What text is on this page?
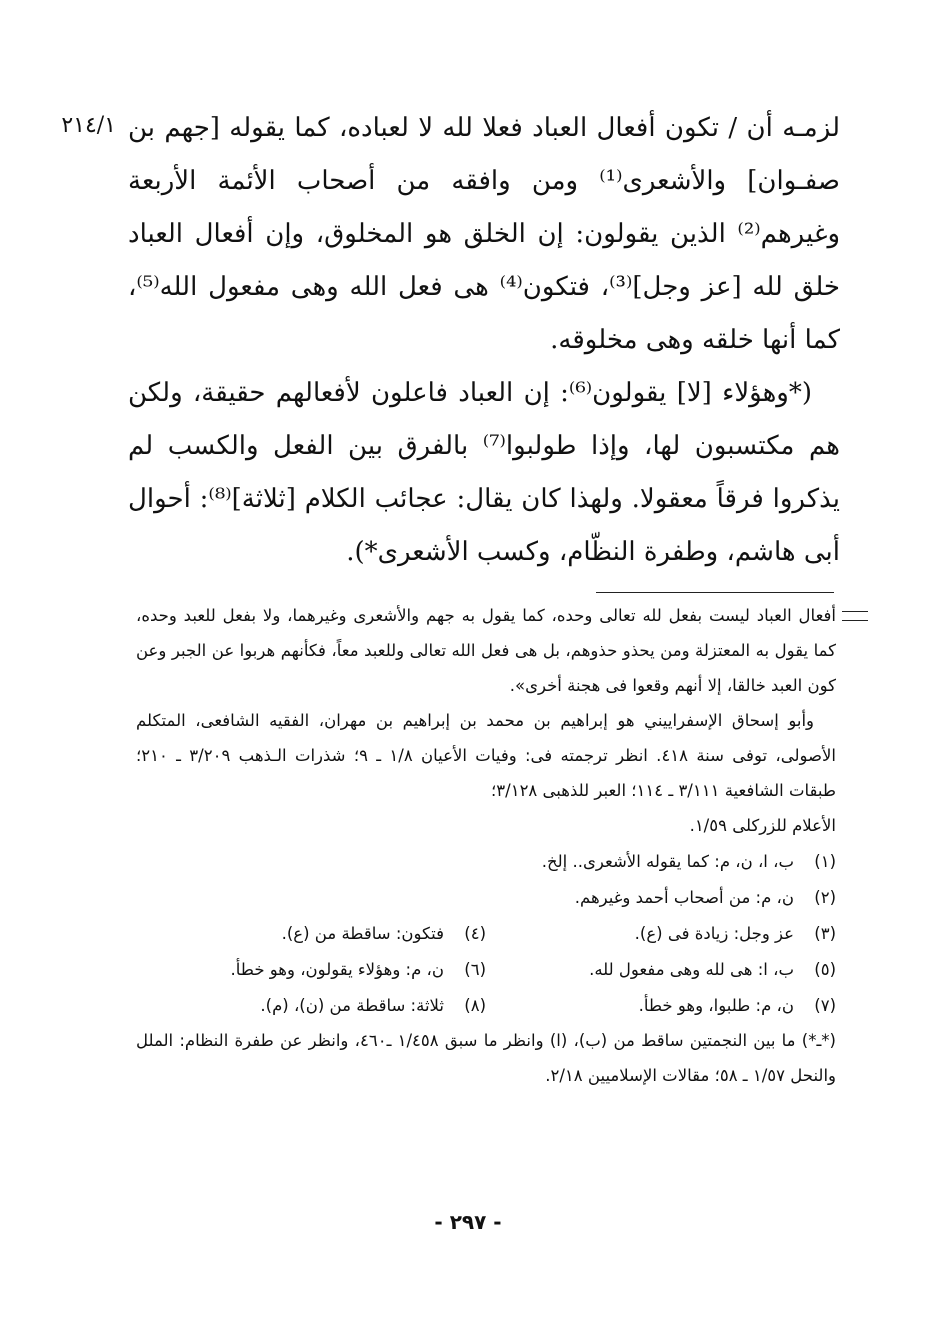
٢١٤/١ لزمـه أن / تكون أفعال العباد فعلا لله لا لعباده، كما يقوله [جهم بن صفـوان] والأشعرى⁽¹⁾ ومن وافقه من أصحاب الأئمة الأربعة وغيرهم⁽²⁾ الذين يقولون: إن الخلق هو المخلوق، وإن أفعال العباد خلق لله [عز وجل]⁽³⁾، فتكون⁽⁴⁾ هى فعل الله وهى مفعول الله⁽⁵⁾، كما أنها خلقه وهى مخلوقه.

(*وهؤلاء [لا] يقولون⁽⁶⁾: إن العباد فاعلون لأفعالهم حقيقة، ولكن هم مكتسبون لها، وإذا طولبوا⁽⁷⁾ بالفرق بين الفعل والكسب لم يذكروا فرقاً معقولا. ولهذا كان يقال: عجائب الكلام [ثلاثة]⁽⁸⁾: أحوال أبى هاشم، وطفرة النظّام، وكسب الأشعرى*).

أفعال العباد ليست بفعل لله تعالى وحده، كما يقول به جهم والأشعرى وغيرهما، ولا بفعل للعبد وحده، كما يقول به المعتزلة ومن يحذو حذوهم، بل هى فعل الله تعالى وللعبد معاً، فكأنهم هربوا عن الجبر وعن كون العبد خالقا، إلا أنهم وقعوا فى هجنة أخرى».

وأبو إسحاق الإسفراييني هو إبراهيم بن محمد بن إبراهيم بن مهران، الفقيه الشافعى، المتكلم الأصولى، توفى سنة ٤١٨. انظر ترجمته فى: وفيات الأعيان ١/٨ ـ ٩؛ شذرات الـذهب ٣/٢٠٩ ـ ٢١٠؛ طبقات الشافعية ٣/١١١ ـ ١١٤؛ العبر للذهبى ٣/١٢٨؛

الأعلام للزركلى ١/٥٩.

(١)
ب، ا، ن، م: كما يقوله الأشعرى.. إلخ.
(٢)
ن، م: من أصحاب أحمد وغيرهم.
(٣)
عز وجل: زيادة فى (ع).
(٤)
فتكون: ساقطة من (ع).
(٥)
ب، ا: هى لله وهى مفعول لله.
(٦)
ن، م: وهؤلاء يقولون، وهو خطأ.
(٧)
ن، م: طلبوا، وهو خطأ.
(٨)
ثلاثة: ساقطة من (ن)، (م).

(*ـ*) ما بين النجمتين ساقط من (ب)، (ا) وانظر ما سبق ١/٤٥٨ ـ٤٦٠، وانظر عن طفرة النظام: الملل والنحل ١/٥٧ ـ ٥٨؛ مقالات الإسلاميين ٢/١٨.

- ٢٩٧ -
